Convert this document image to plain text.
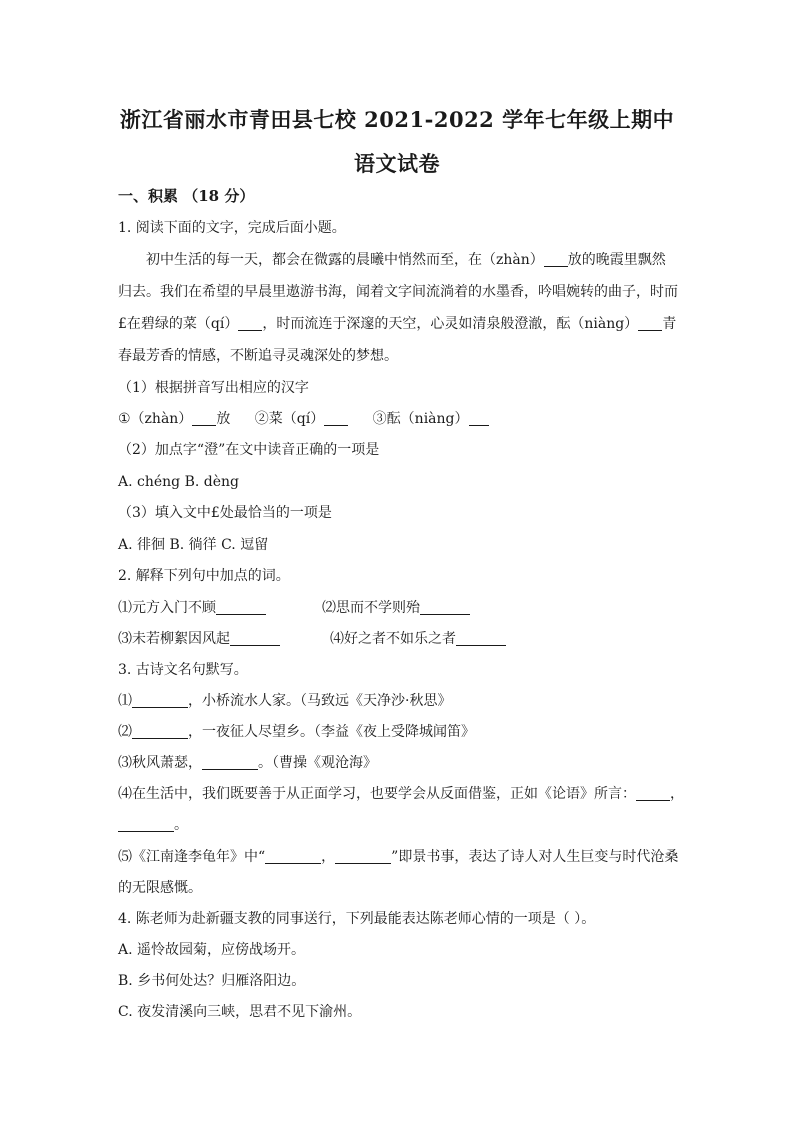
浙江省丽水市青田县七校 2021-2022 学年七年级上期中
语文试卷
一、积累 （18 分）
1. 阅读下面的文字，完成后面小题。
初中生活的每一天，都会在微露的晨曦中悄然而至，在（zhàn） 放的晚霞里飘然
归去。我们在希望的早晨里遨游书海，闻着文字间流淌着的水墨香，吟唱婉转的曲子，时而
£在碧绿的菜（qí） ，时而流连于深邃的天空，心灵如清泉般澄澈，酝（niàng） 青
春最芳香的情感，不断追寻灵魂深处的梦想。
（1）根据拼音写出相应的汉字
①（zhàn） 放 ②菜（qí）	③酝（niàng）
（2）加点字“澄”在文中读音正确的一项是
A. chéng B. dèng
（3）填入文中£处最恰当的一项是
A. 徘徊 B. 徜徉 C. 逗留
2. 解释下列句中加点的词。
⑴元方入门不顾	⑵思而不学则殆
⑶未若柳絮因风起	⑷好之者不如乐之者
3. 古诗文名句默写。
⑴	，小桥流水人家。（马致远《天净沙·秋思》
⑵	，一夜征人尽望乡。（李益《夜上受降城闻笛》
⑶秋风萧瑟，	。（曹操《观沧海》
⑷在生活中，我们既要善于从正面学习，也要学会从反面借鉴，正如《论语》所言： ，
。
⑸《江南逢李龟年》中“	，	”即景书事，表达了诗人对人生巨变与时代沧桑
的无限感慨。
4. 陈老师为赴新疆支教的同事送行，下列最能表达陈老师心情的一项是（ ）。
A. 遥怜故园菊，应傍战场开。
B. 乡书何处达？归雁洛阳边。
C. 夜发清溪向三峡，思君不见下渝州。
